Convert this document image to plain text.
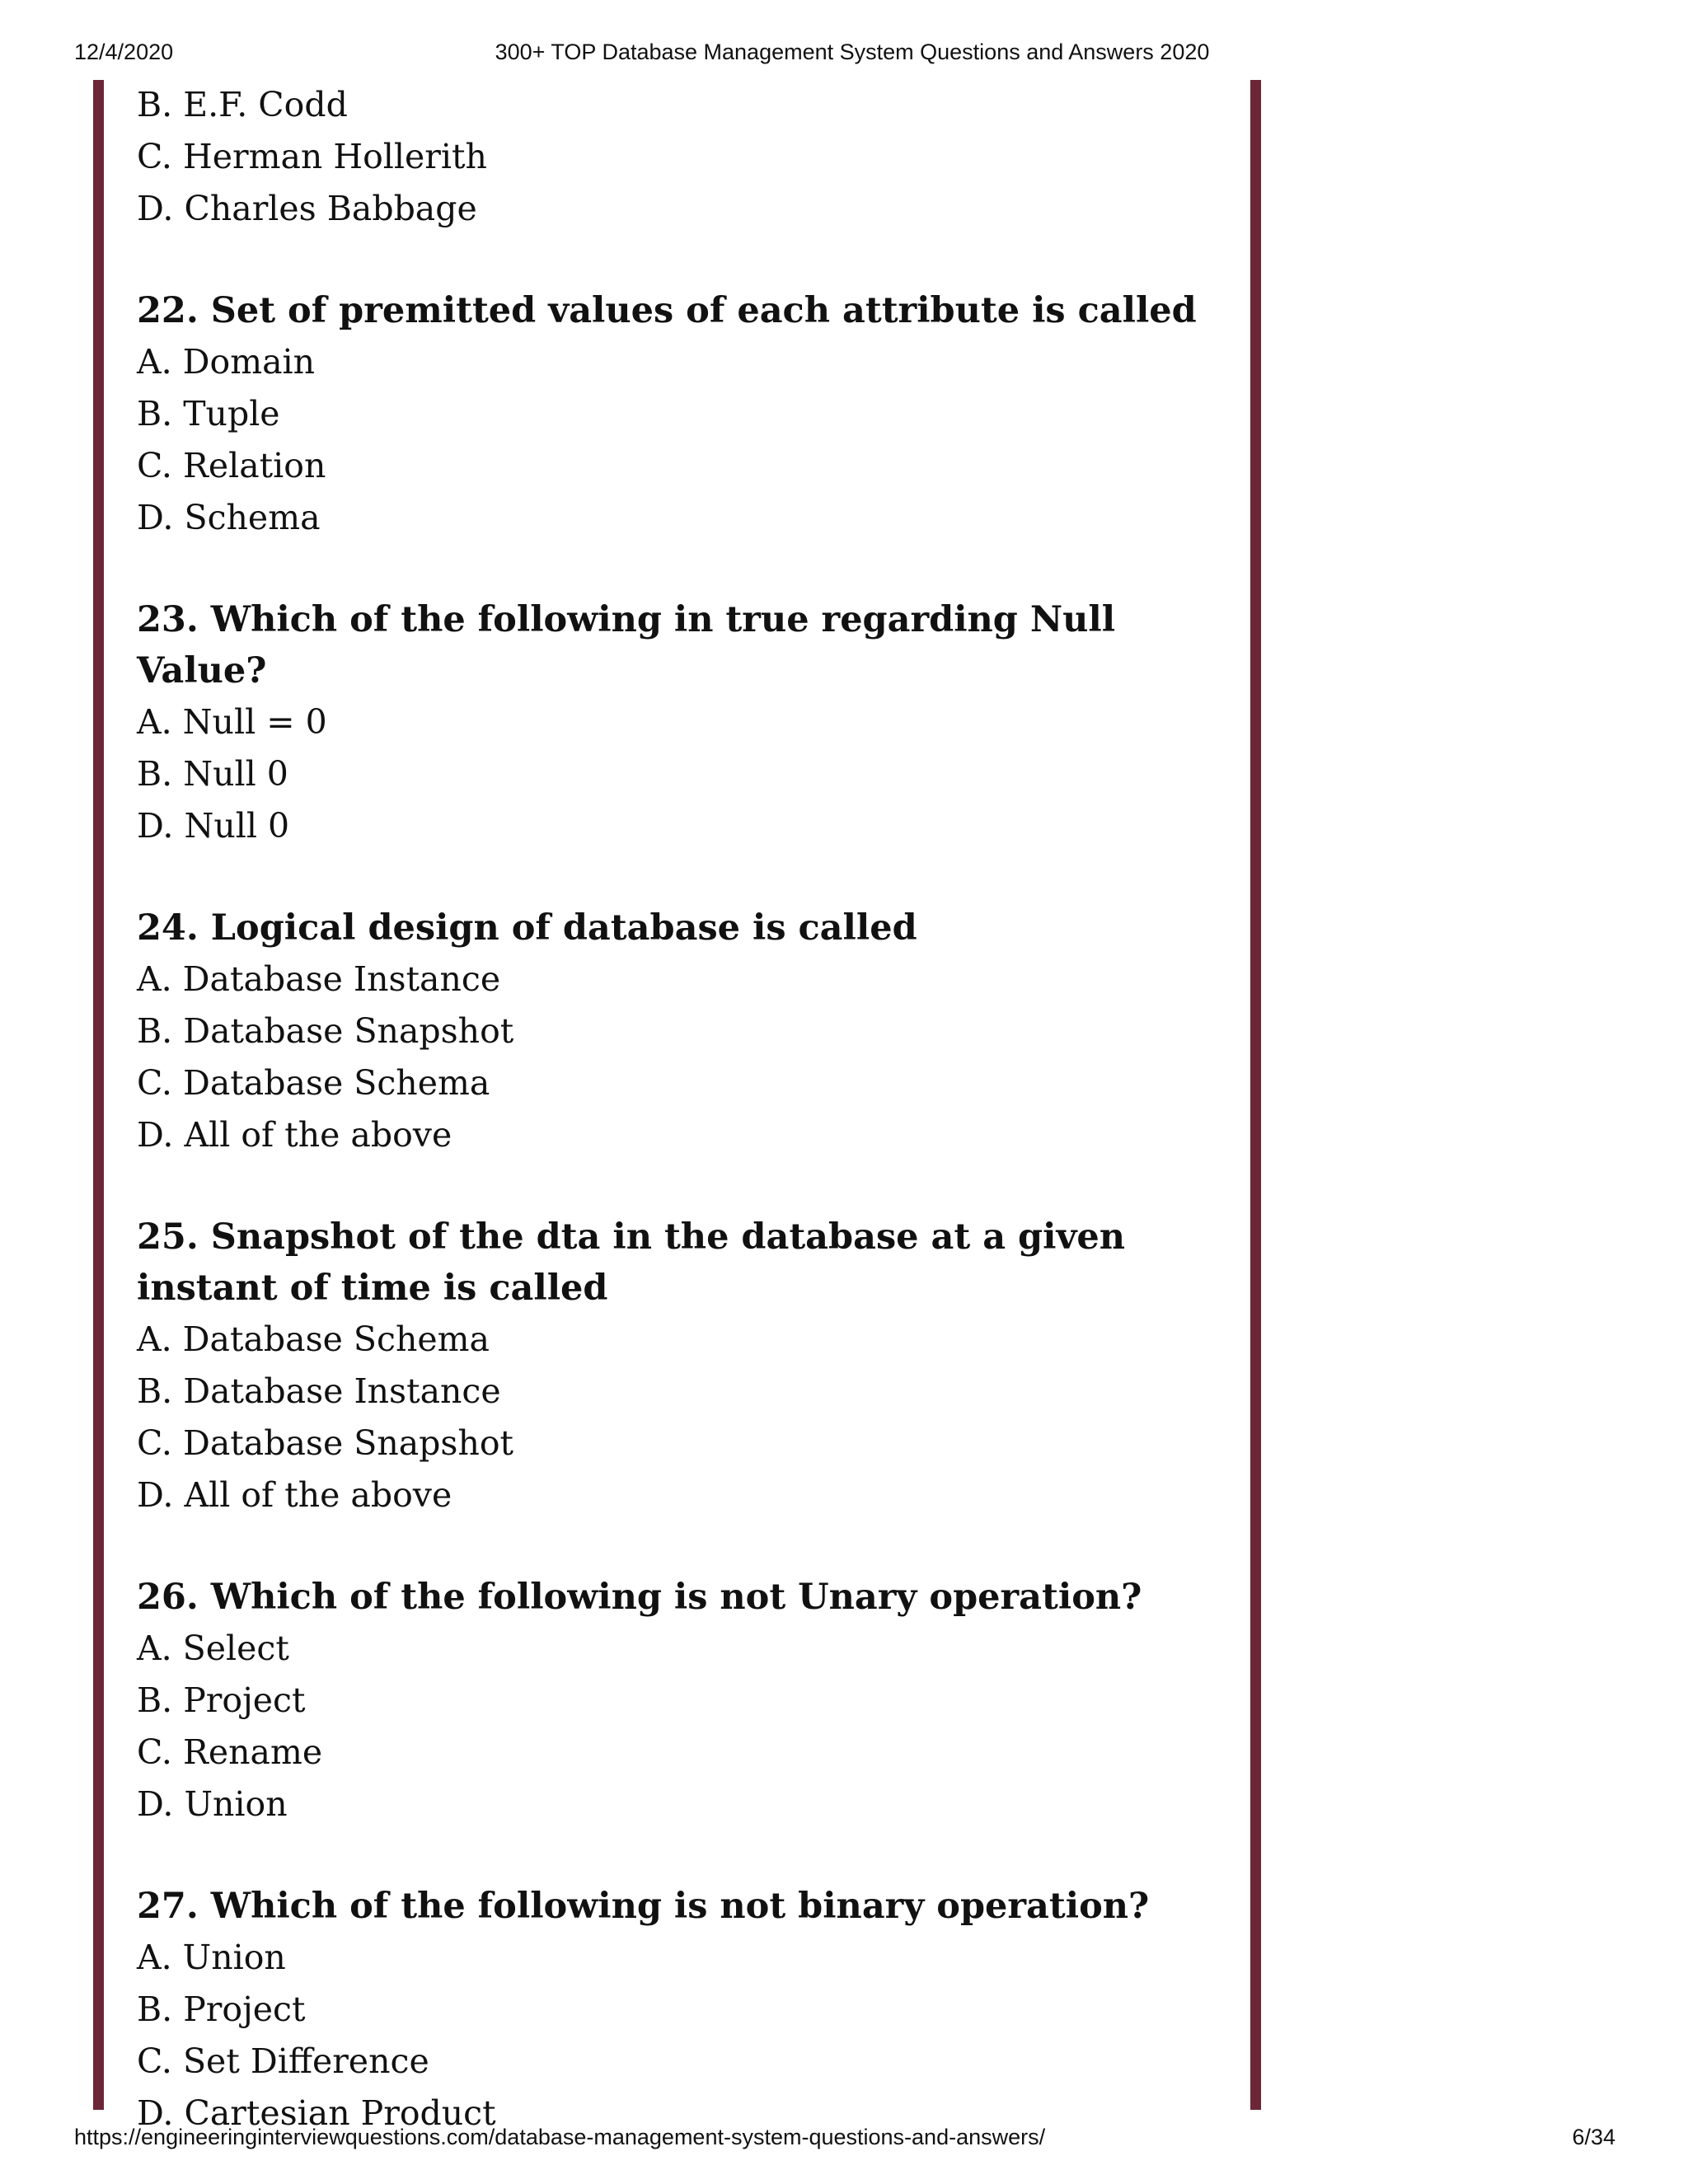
12/4/2020	300+ TOP Database Management System Questions and Answers 2020
B. E.F. Codd
C. Herman Hollerith
D. Charles Babbage
22. Set of premitted values of each attribute is called
A. Domain
B. Tuple
C. Relation
D. Schema
23. Which of the following in true regarding Null Value?
A. Null = 0
B. Null 0
D. Null 0
24. Logical design of database is called
A. Database Instance
B. Database Snapshot
C. Database Schema
D. All of the above
25. Snapshot of the dta in the database at a given instant of time is called
A. Database Schema
B. Database Instance
C. Database Snapshot
D. All of the above
26. Which of the following is not Unary operation?
A. Select
B. Project
C. Rename
D. Union
27. Which of the following is not binary operation?
A. Union
B. Project
C. Set Difference
D. Cartesian Product
https://engineeringinterviewquestions.com/database-management-system-questions-and-answers/	6/34
